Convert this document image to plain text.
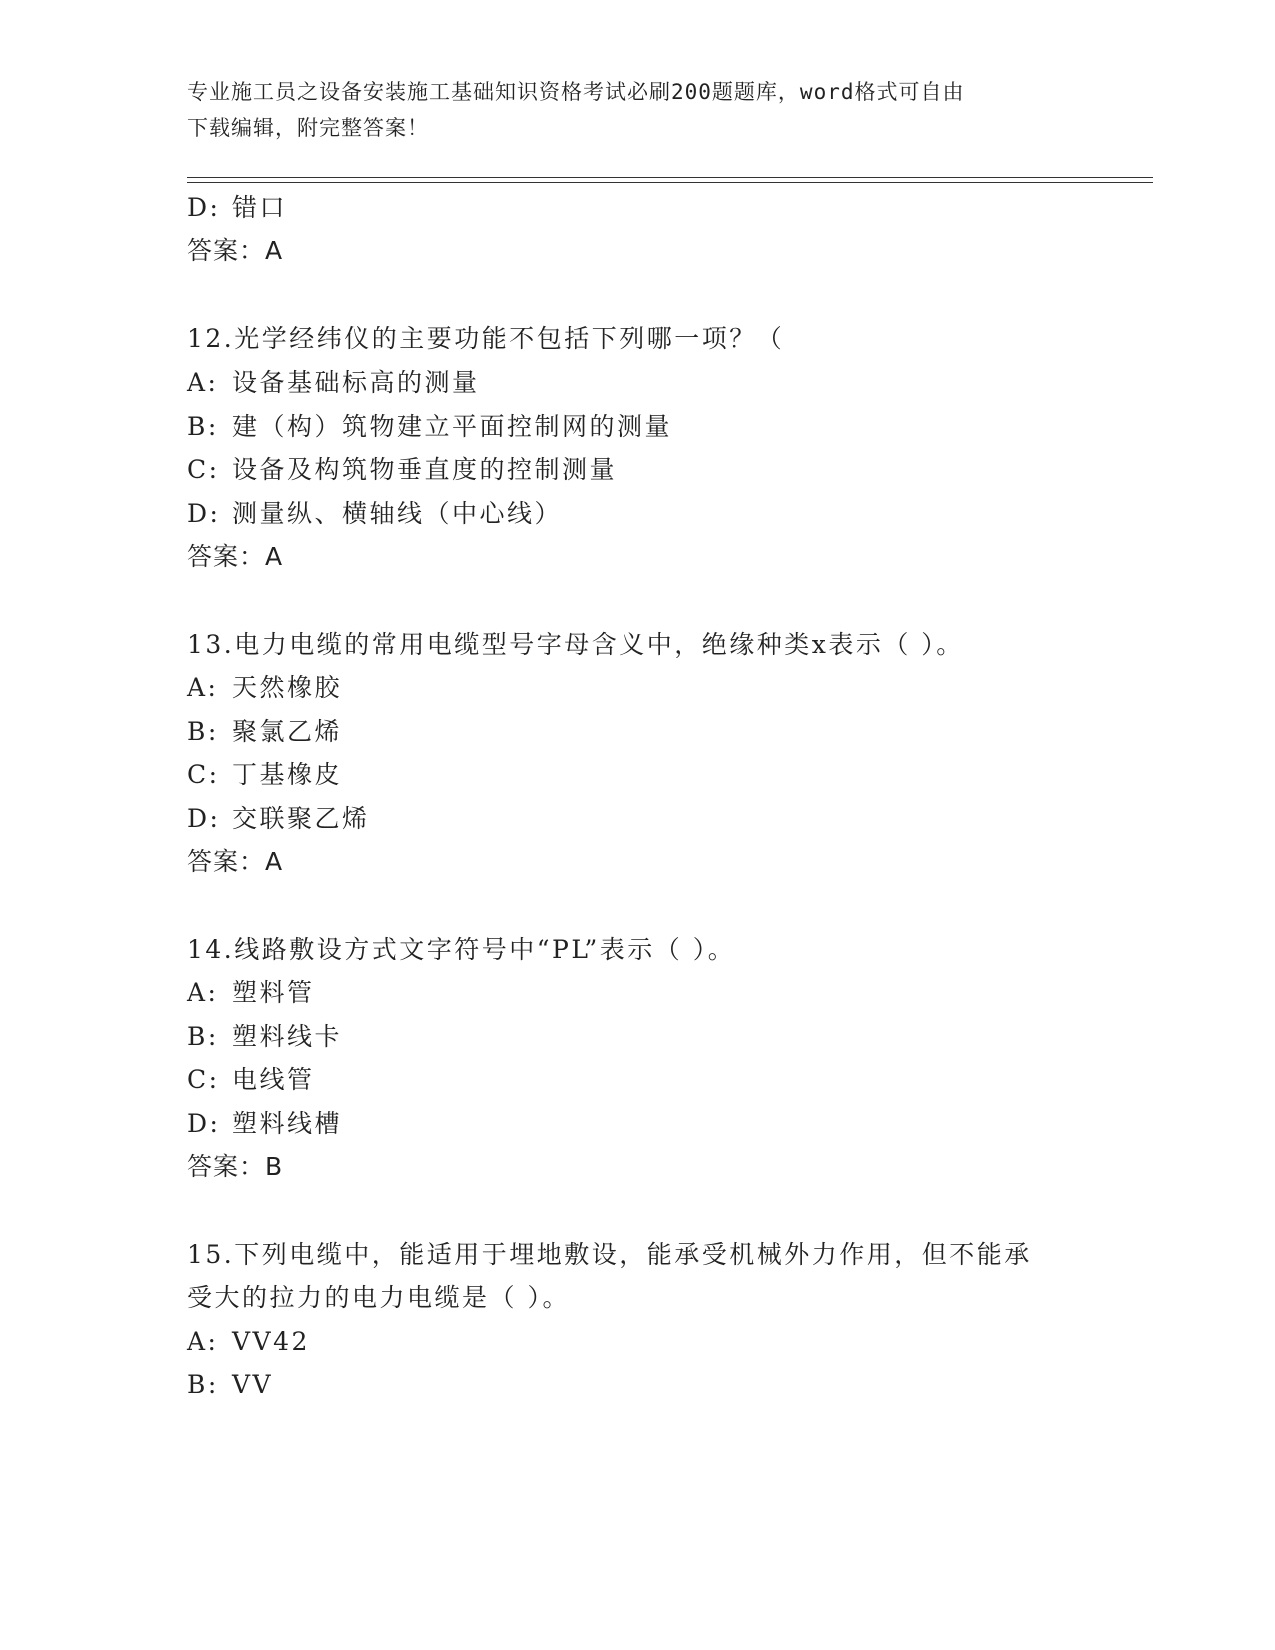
专业施工员之设备安装施工基础知识资格考试必刷200题题库，word格式可自由
下载编辑，附完整答案！
D: 错口
答案：A
12.光学经纬仪的主要功能不包括下列哪一项？（
A: 设备基础标高的测量
B: 建（构）筑物建立平面控制网的测量
C: 设备及构筑物垂直度的控制测量
D: 测量纵、横轴线（中心线）
答案：A
13.电力电缆的常用电缆型号字母含义中，绝缘种类x表示（ ）。
A: 天然橡胶
B: 聚氯乙烯
C: 丁基橡皮
D: 交联聚乙烯
答案：A
14.线路敷设方式文字符号中“PL”表示（ ）。
A: 塑料管
B: 塑料线卡
C: 电线管
D: 塑料线槽
答案：B
15.下列电缆中，能适用于埋地敷设，能承受机械外力作用，但不能承
受大的拉力的电力电缆是（ ）。
A: VV42
B: VV
